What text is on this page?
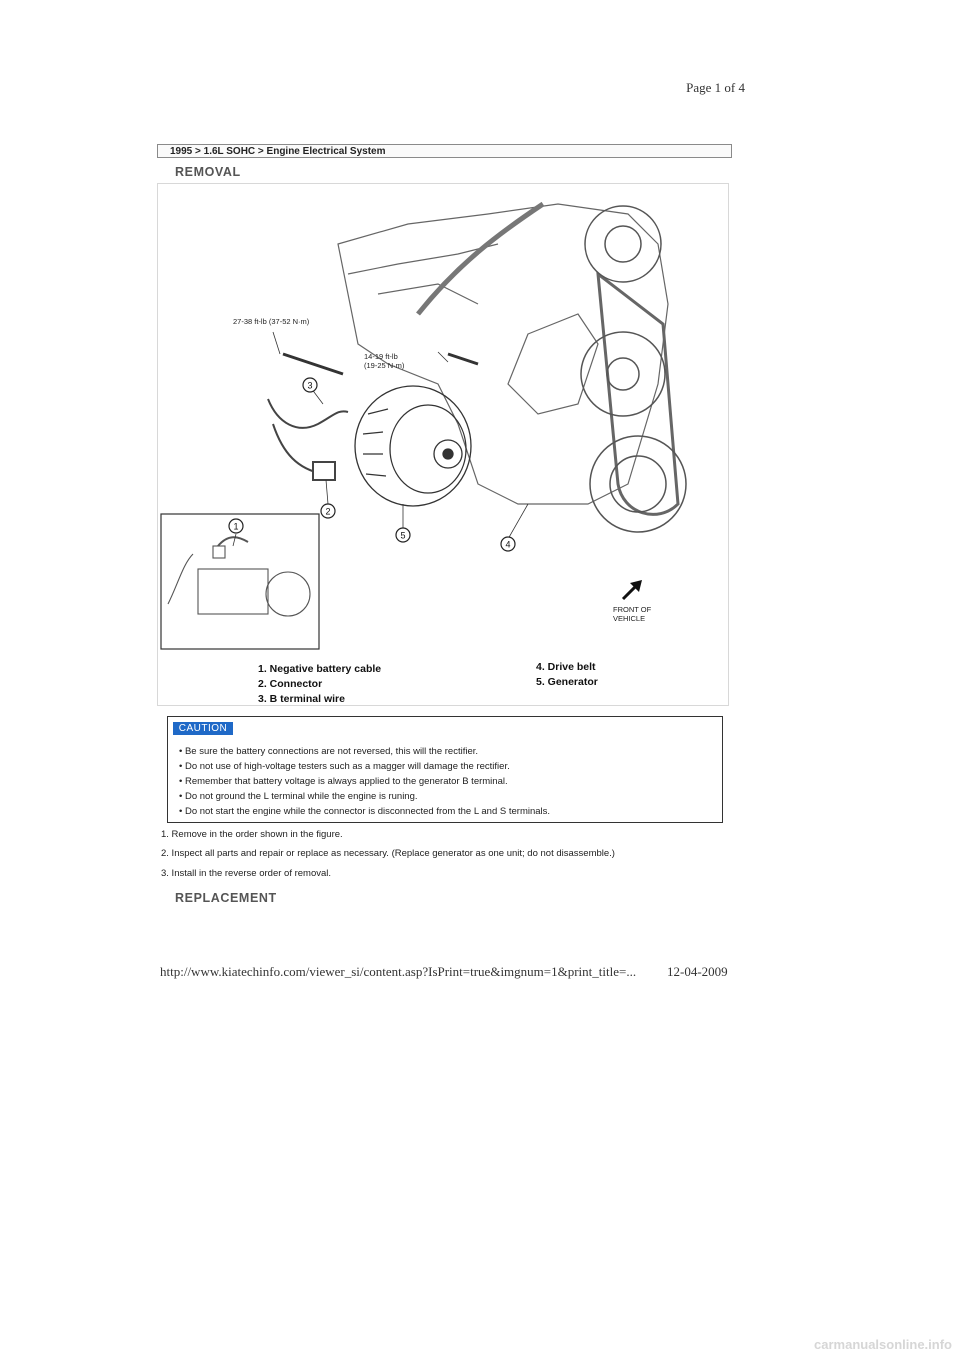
Page 1 of 4
1995 > 1.6L SOHC > Engine Electrical System
REMOVAL
1
2
3
4
5
27-38 ft-lb (37-52 N·m)
14-19 ft-lb
(19-25 N·m)
FRONT OF
VEHICLE
1. Negative battery cable
2. Connector
3. B terminal wire
4. Drive belt
5. Generator
CAUTION
• Be sure the battery connections are not reversed, this will the rectifier.
• Do not use of high-voltage testers such as a magger will damage the rectifier.
• Remember that battery voltage is always applied to the generator B terminal.
• Do not ground the L terminal while the engine is runing.
• Do not start the engine while the connector is disconnected from the L and S terminals.
1. Remove in the order shown in the figure.
2. Inspect all parts and repair or replace as necessary. (Replace generator as one unit; do not disassemble.)
3. Install in the reverse order of removal.
REPLACEMENT
http://www.kiatechinfo.com/viewer_si/content.asp?IsPrint=true&imgnum=1&print_title=... 12-04-2009
carmanualsonline.info
